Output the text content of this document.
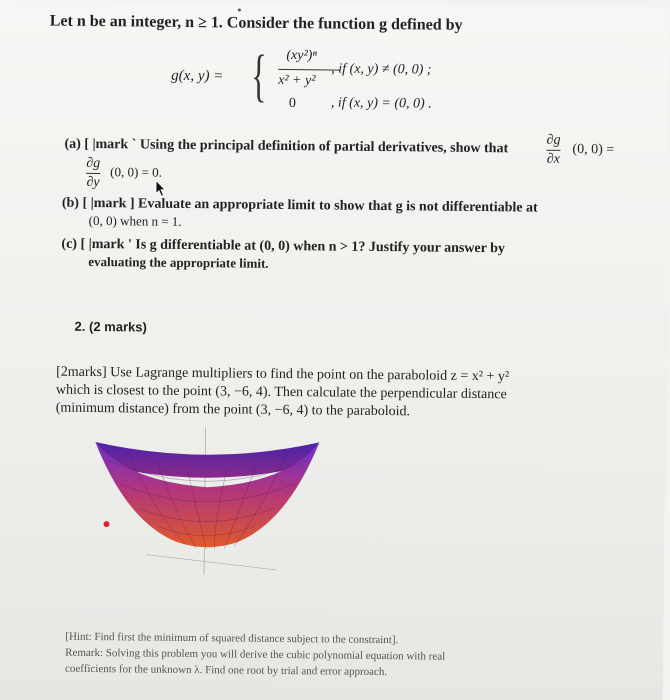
Let n be an integer, n ≥ 1. Consider the function g defined by
g(x, y) = { (xy²)ⁿ
x² + y²
0
, if (x, y) ≠ (0, 0) ;
, if (x, y) = (0, 0) .
(a) [ |mark ` Using the principal definition of partial derivatives, show that	∂g
∂x
(0, 0) =
∂g
∂y
(0, 0) = 0.
(b) [ |mark ] Evaluate an appropriate limit to show that g is not differentiable at
(0, 0) when n = 1.
(c) [ |mark ' Is g differentiable at (0, 0) when n > 1? Justify your answer by
evaluating the appropriate limit.
2. (2 marks)
[2marks] Use Lagrange multipliers to find the point on the paraboloid z = x² + y²
which is closest to the point (3, −6, 4). Then calculate the perpendicular distance
(minimum distance) from the point (3, −6, 4) to the paraboloid.
[Hint: Find first the minimum of squared distance subject to the constraint].
Remark: Solving this problem you will derive the cubic polynomial equation with real
coefficients for the unknown λ. Find one root by trial and error approach.
